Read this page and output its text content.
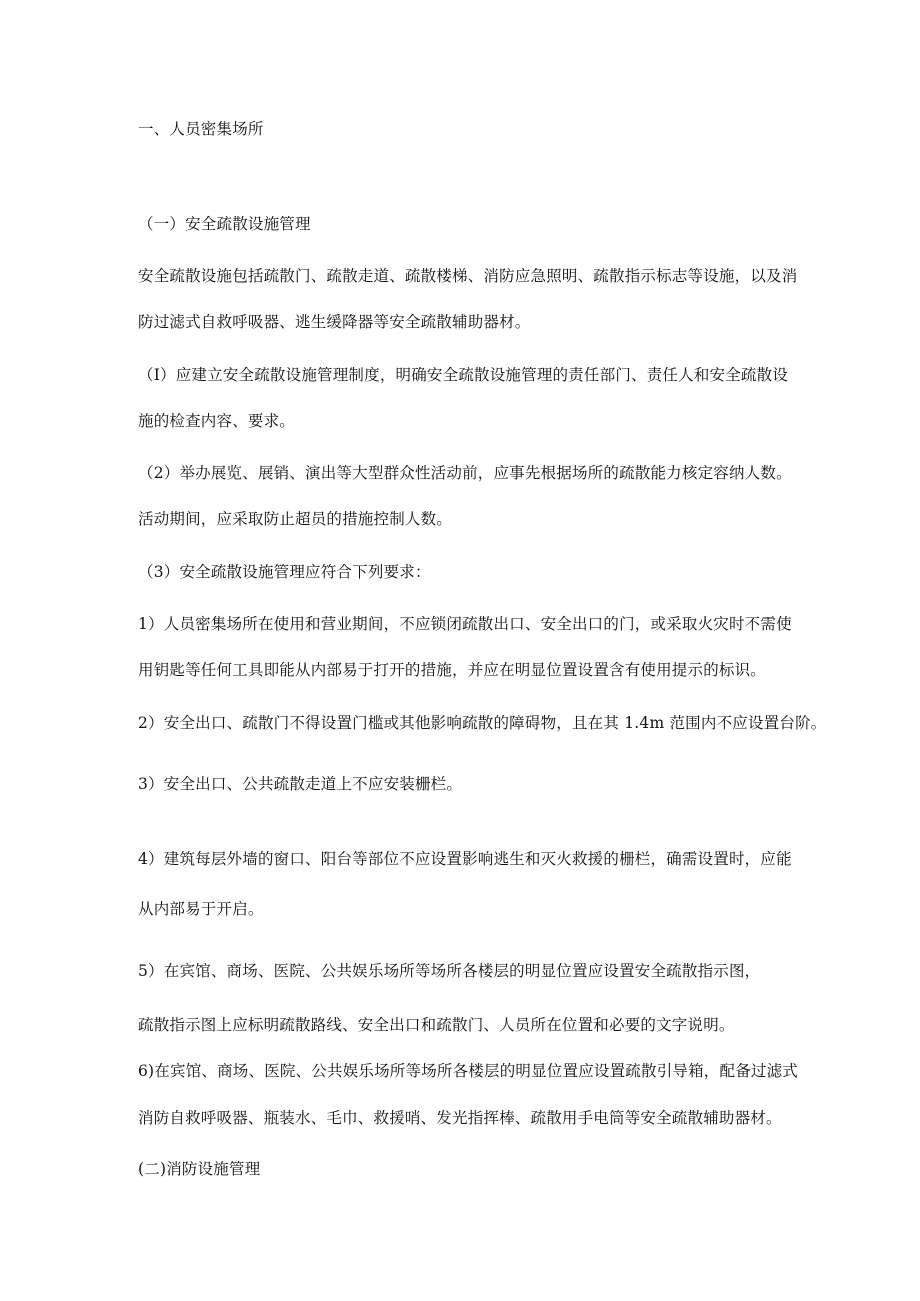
一、人员密集场所
（一）安全疏散设施管理
安全疏散设施包括疏散门、疏散走道、疏散楼梯、消防应急照明、疏散指示标志等设施，以及消
防过滤式自救呼吸器、逃生缓降器等安全疏散辅助器材。
（I）应建立安全疏散设施管理制度，明确安全疏散设施管理的责任部门、责任人和安全疏散设
施的检查内容、要求。
（2）举办展览、展销、演出等大型群众性活动前，应事先根据场所的疏散能力核定容纳人数。
活动期间，应采取防止超员的措施控制人数。
（3）安全疏散设施管理应符合下列要求：
1）人员密集场所在使用和营业期间，不应锁闭疏散出口、安全出口的门，或采取火灾时不需使
用钥匙等任何工具即能从内部易于打开的措施，并应在明显位置设置含有使用提示的标识。
2）安全出口、疏散门不得设置门槛或其他影响疏散的障碍物，且在其 1.4m 范围内不应设置台阶。
3）安全出口、公共疏散走道上不应安装栅栏。
4）建筑每层外墙的窗口、阳台等部位不应设置影响逃生和灭火救援的栅栏，确需设置时，应能
从内部易于开启。
5）在宾馆、商场、医院、公共娱乐场所等场所各楼层的明显位置应设置安全疏散指示图，
疏散指示图上应标明疏散路线、安全出口和疏散门、人员所在位置和必要的文字说明。
6)在宾馆、商场、医院、公共娱乐场所等场所各楼层的明显位置应设置疏散引导箱，配备过滤式
消防自救呼吸器、瓶装水、毛巾、救援哨、发光指挥棒、疏散用手电筒等安全疏散辅助器材。
(二)消防设施管理
